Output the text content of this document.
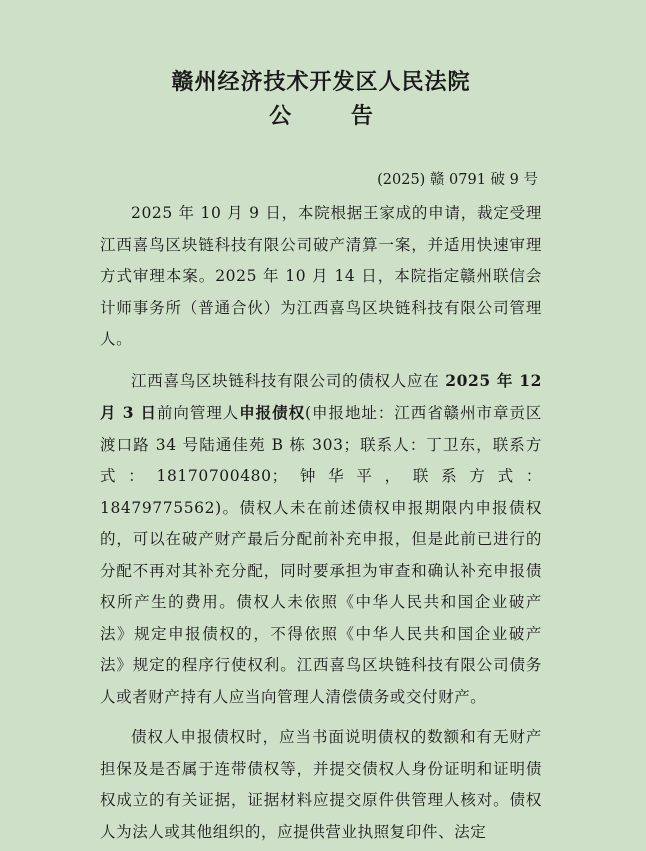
赣州经济技术开发区人民法院
公 告

(2025) 赣 0791 破 9 号

2025 年 10 月 9 日，本院根据王家成的申请，裁定受理江西喜鸟区块链科技有限公司破产清算一案，并适用快速审理方式审理本案。2025 年 10 月 14 日，本院指定赣州联信会计师事务所（普通合伙）为江西喜鸟区块链科技有限公司管理人。

江西喜鸟区块链科技有限公司的债权人应在 2025 年 12 月 3 日前向管理人申报债权(申报地址：江西省赣州市章贡区渡口路 34 号陆通佳苑 B 栋 303；联系人：丁卫东，联系方式：18170700480；钟华平，联系方式：18479775562)。债权人未在前述债权申报期限内申报债权的，可以在破产财产最后分配前补充申报，但是此前已进行的分配不再对其补充分配，同时要承担为审查和确认补充申报债权所产生的费用。债权人未依照《中华人民共和国企业破产法》规定申报债权的，不得依照《中华人民共和国企业破产法》规定的程序行使权利。江西喜鸟区块链科技有限公司债务人或者财产持有人应当向管理人清偿债务或交付财产。

债权人申报债权时，应当书面说明债权的数额和有无财产担保及是否属于连带债权等，并提交债权人身份证明和证明债权成立的有关证据，证据材料应提交原件供管理人核对。债权人为法人或其他组织的，应提供营业执照复印件、法定
